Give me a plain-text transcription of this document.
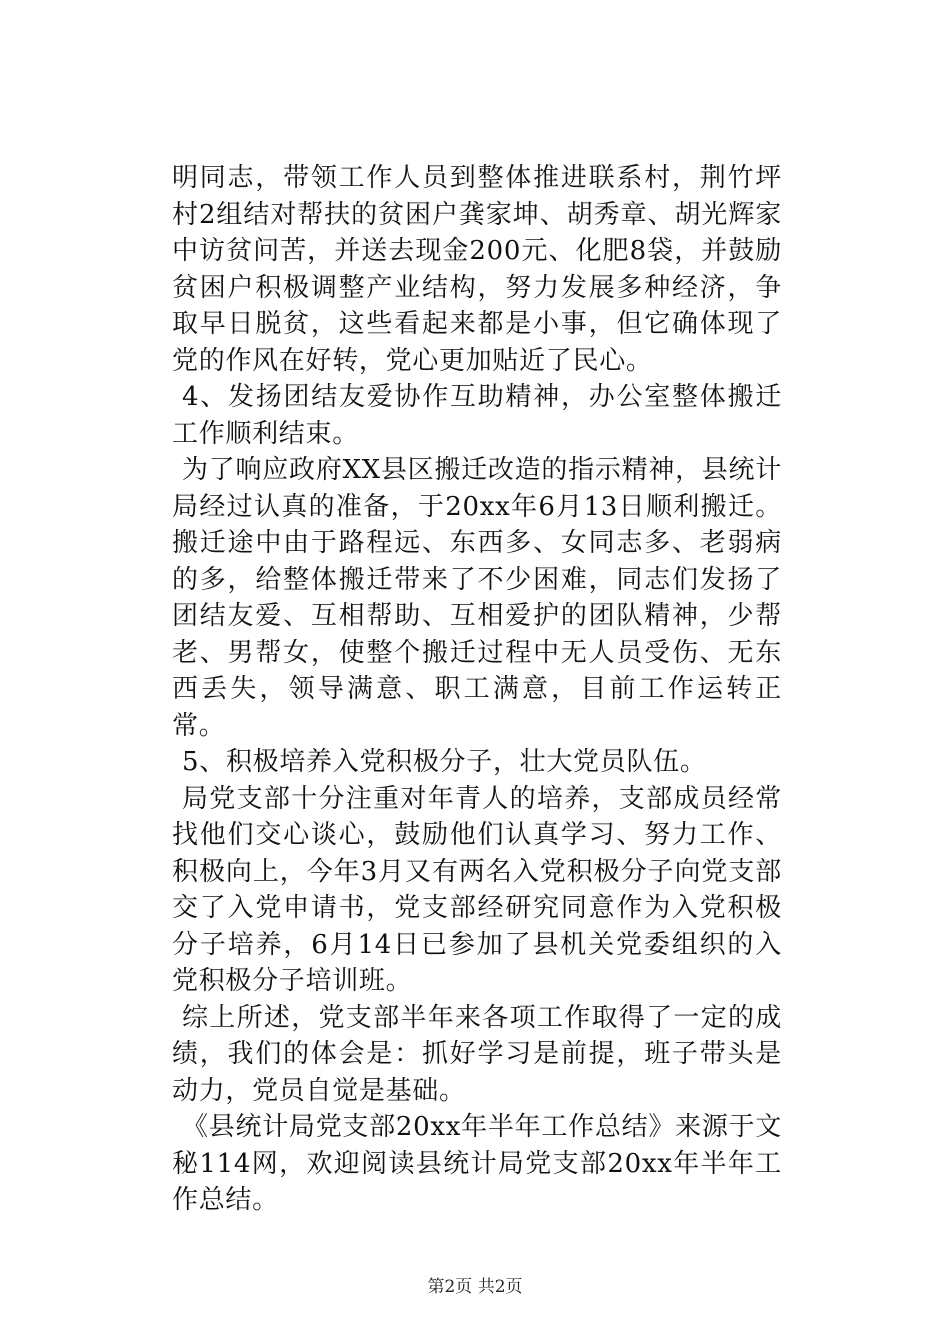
明同志，带领工作人员到整体推进联系村，荆竹坪村2组结对帮扶的贫困户龚家坤、胡秀章、胡光辉家中访贫问苦，并送去现金200元、化肥8袋，并鼓励贫困户积极调整产业结构，努力发展多种经济，争取早日脱贫，这些看起来都是小事，但它确体现了党的作风在好转，党心更加贴近了民心。

4、发扬团结友爱协作互助精神，办公室整体搬迁工作顺利结束。

为了响应政府XX县区搬迁改造的指示精神，县统计局经过认真的准备，于20xx年6月13日顺利搬迁。搬迁途中由于路程远、东西多、女同志多、老弱病的多，给整体搬迁带来了不少困难，同志们发扬了团结友爱、互相帮助、互相爱护的团队精神，少帮老、男帮女，使整个搬迁过程中无人员受伤、无东西丢失，领导满意、职工满意，目前工作运转正常。

5、积极培养入党积极分子，壮大党员队伍。

局党支部十分注重对年青人的培养，支部成员经常找他们交心谈心，鼓励他们认真学习、努力工作、积极向上，今年3月又有两名入党积极分子向党支部交了入党申请书，党支部经研究同意作为入党积极分子培养，6月14日已参加了县机关党委组织的入党积极分子培训班。

综上所述，党支部半年来各项工作取得了一定的成绩，我们的体会是：抓好学习是前提，班子带头是动力，党员自觉是基础。

《县统计局党支部20xx年半年工作总结》来源于文秘114网，欢迎阅读县统计局党支部20xx年半年工作总结。

第2页 共2页
